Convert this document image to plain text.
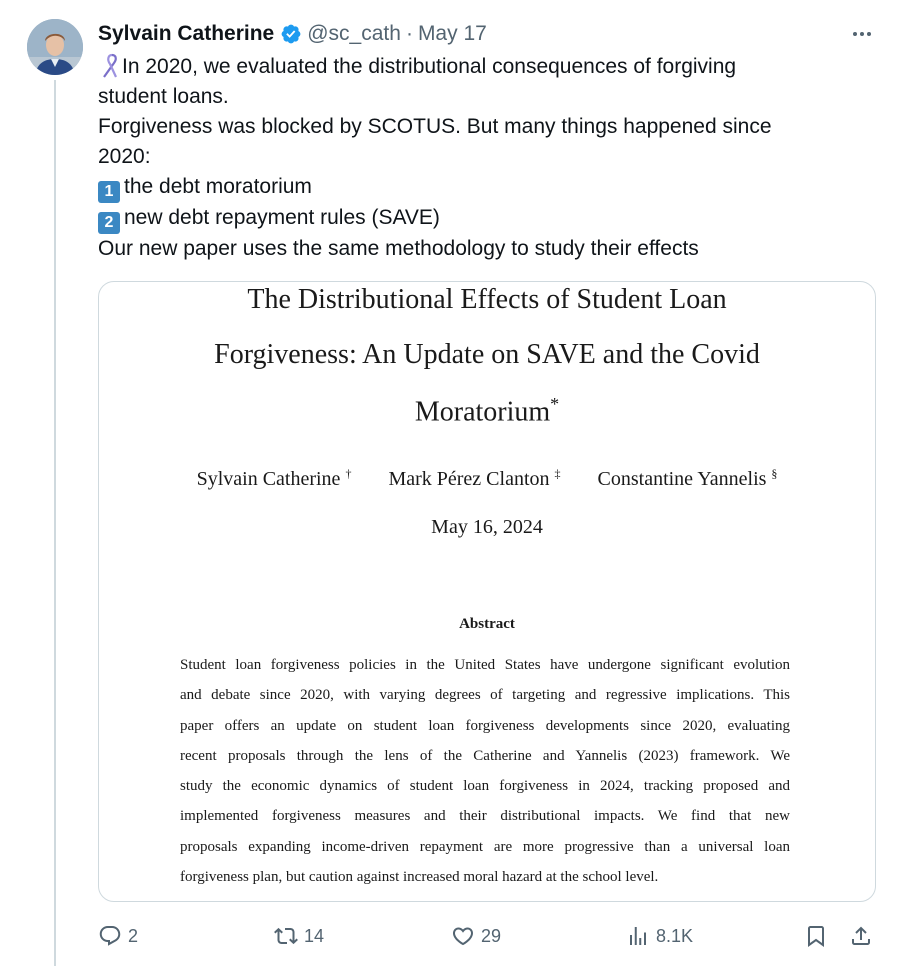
Sylvain Catherine @sc_cath · May 17
In 2020, we evaluated the distributional consequences of forgiving
student loans.
Forgiveness was blocked by SCOTUS. But many things happened since
2020:
1 the debt moratorium
2 new debt repayment rules (SAVE)
Our new paper uses the same methodology to study their effects
The Distributional Effects of Student Loan
Forgiveness: An Update on SAVE and the Covid
Moratorium*
Sylvain Catherine † Mark Pérez Clanton ‡ Constantine Yannelis §
May 16, 2024
Abstract
Student loan forgiveness policies in the United States have undergone significant evolution
and debate since 2020, with varying degrees of targeting and regressive implications. This
paper offers an update on student loan forgiveness developments since 2020, evaluating
recent proposals through the lens of the Catherine and Yannelis (2023) framework. We
study the economic dynamics of student loan forgiveness in 2024, tracking proposed and
implemented forgiveness measures and their distributional impacts. We find that new
proposals expanding income-driven repayment are more progressive than a universal loan
forgiveness plan, but caution against increased moral hazard at the school level.
2	14	29	8.1K
